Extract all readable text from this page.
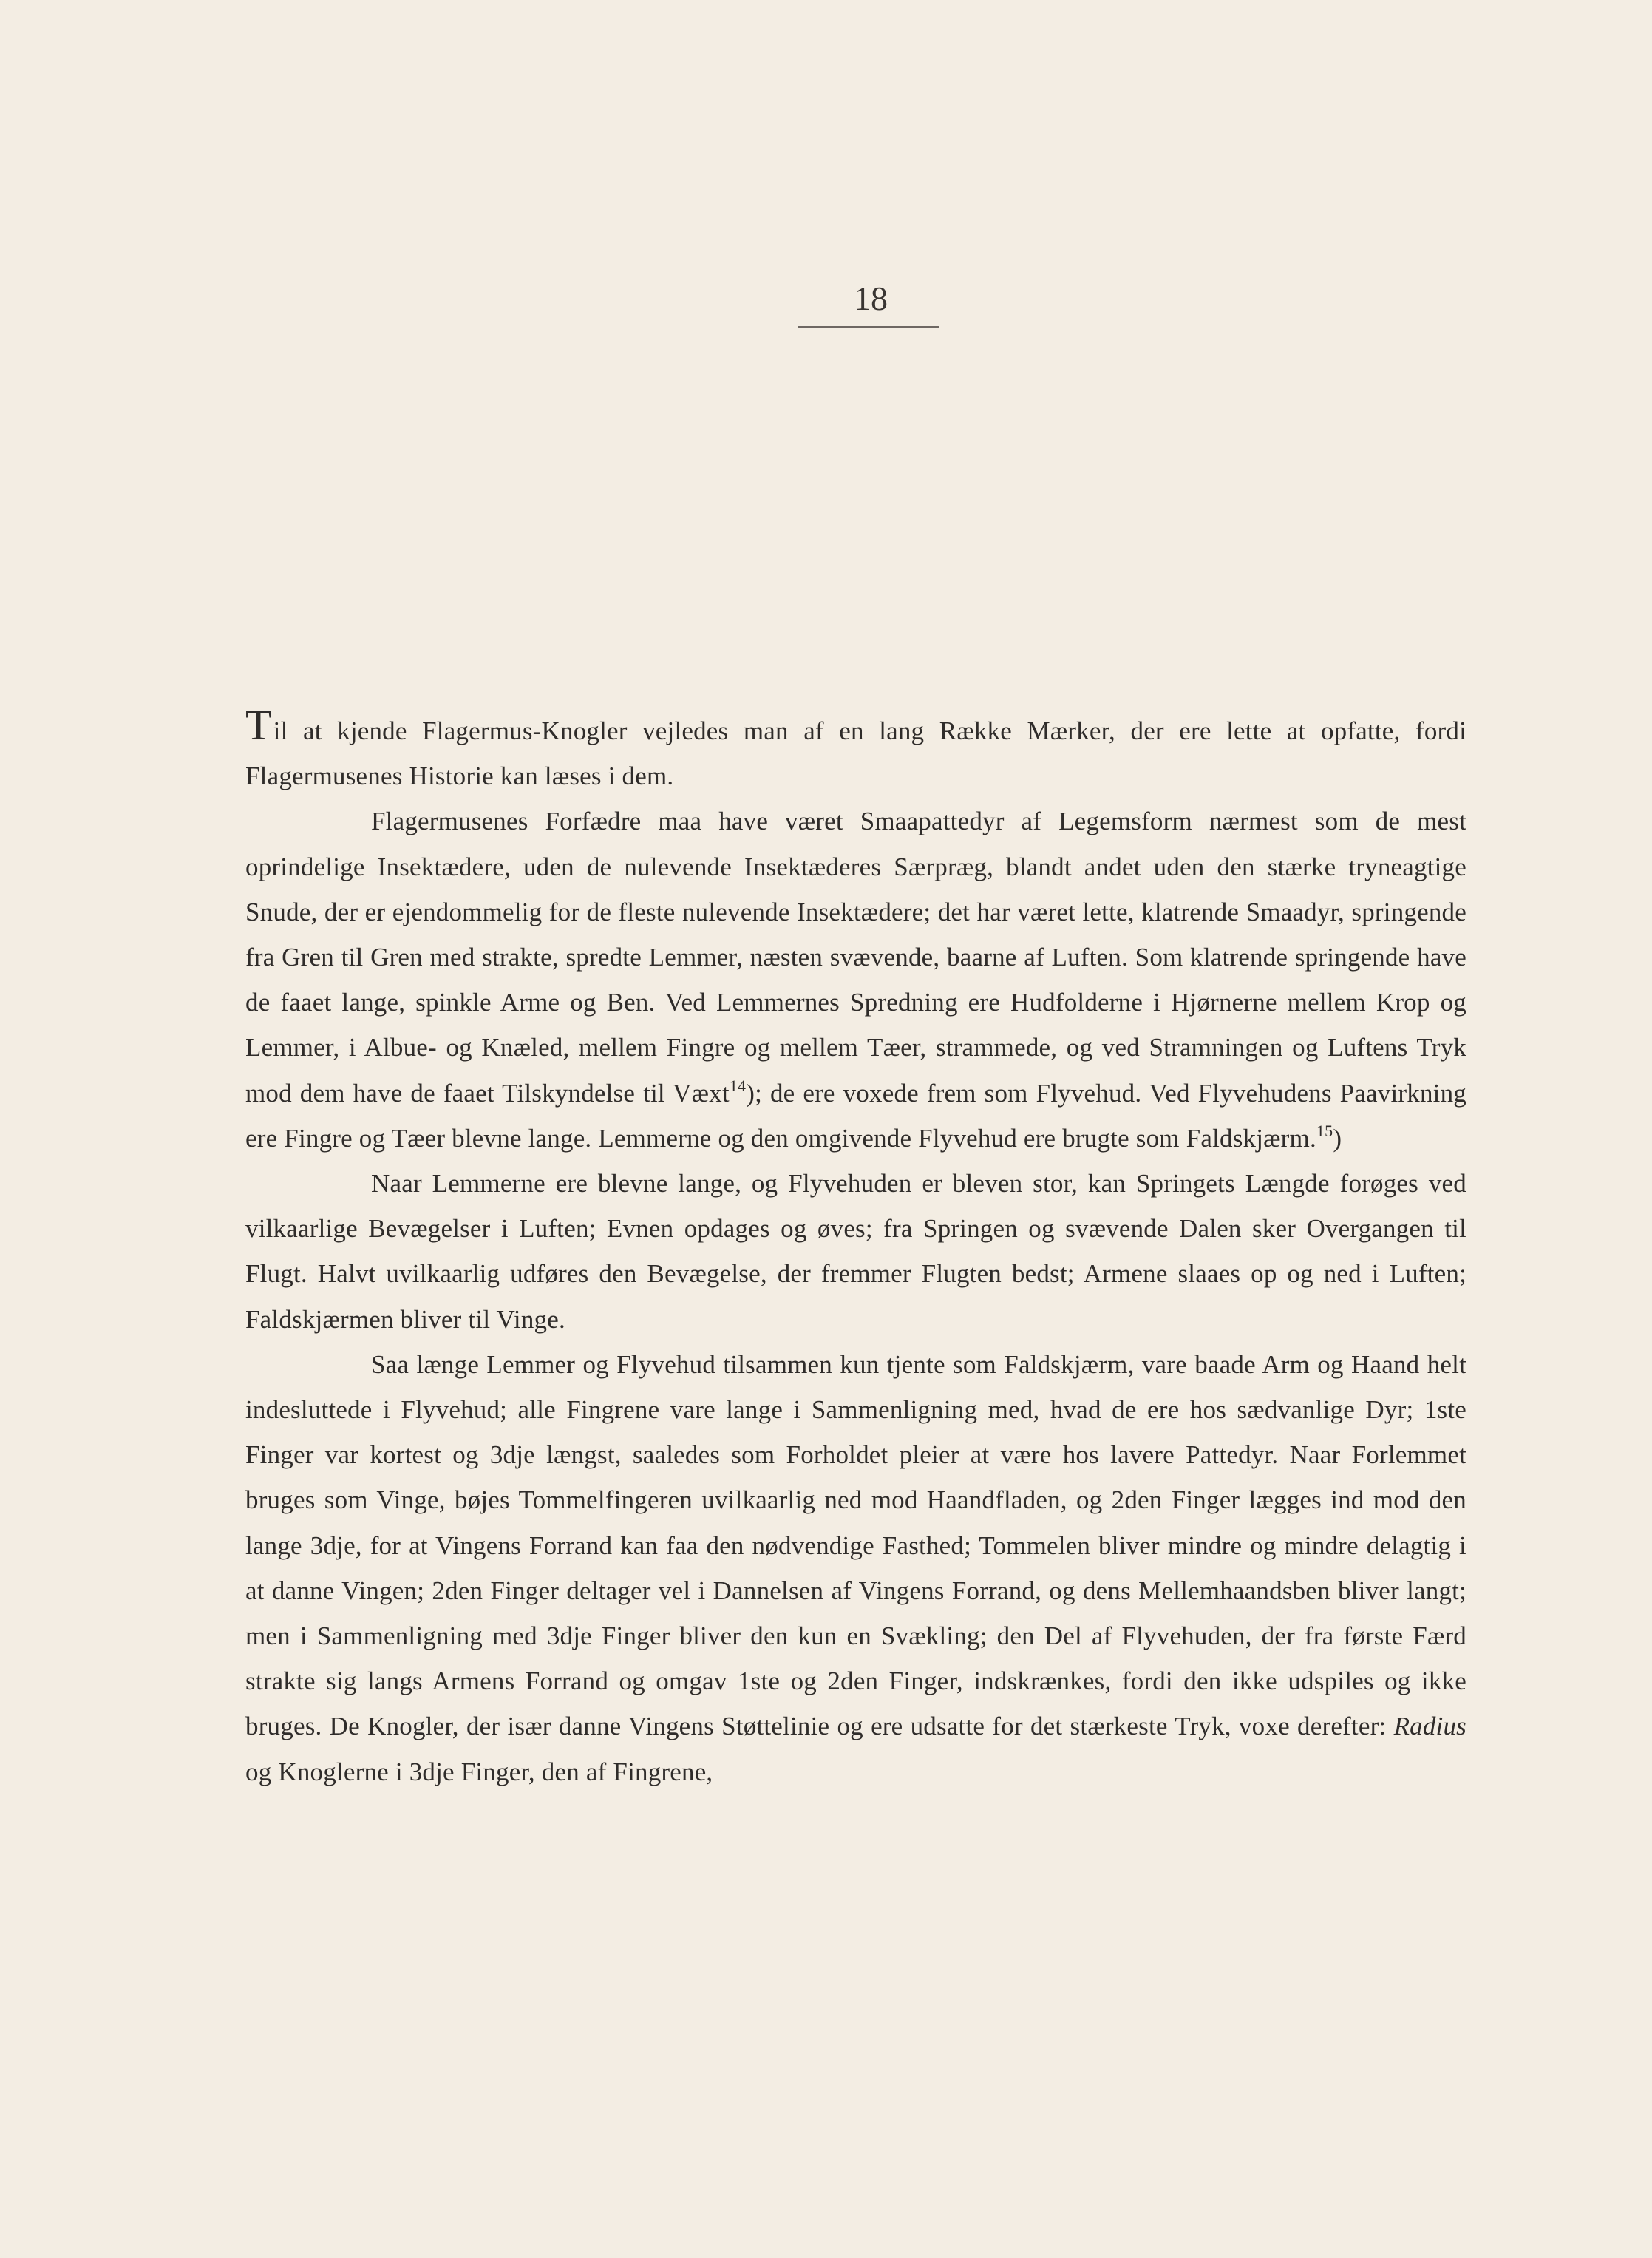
18

Til at kjende Flagermus-Knogler vejledes man af en lang Række Mærker, der ere lette at opfatte, fordi Flagermusenes Historie kan læses i dem.

Flagermusenes Forfædre maa have været Smaapattedyr af Legemsform nærmest som de mest oprindelige Insektædere, uden de nulevende Insektæderes Særpræg, blandt andet uden den stærke tryneagtige Snude, der er ejendommelig for de fleste nulevende Insektædere; det har været lette, klatrende Smaadyr, springende fra Gren til Gren med strakte, spredte Lemmer, næsten svævende, baarne af Luften. Som klatrende springende have de faaet lange, spinkle Arme og Ben. Ved Lemmernes Spredning ere Hudfolderne i Hjørnerne mellem Krop og Lemmer, i Albue- og Knæled, mellem Fingre og mellem Tæer, strammede, og ved Stramningen og Luftens Tryk mod dem have de faaet Tilskyndelse til Væxt$^{14}$); de ere voxede frem som Flyvehud. Ved Flyvehudens Paavirkning ere Fingre og Tæer blevne lange. Lemmerne og den omgivende Flyvehud ere brugte som Faldskjærm.$^{15}$)

Naar Lemmerne ere blevne lange, og Flyvehuden er bleven stor, kan Springets Længde forøges ved vilkaarlige Bevægelser i Luften; Evnen opdages og øves; fra Springen og svævende Dalen sker Overgangen til Flugt. Halvt uvilkaarlig udføres den Bevægelse, der fremmer Flugten bedst; Armene slaaes op og ned i Luften; Faldskjærmen bliver til Vinge.

Saa længe Lemmer og Flyvehud tilsammen kun tjente som Faldskjærm, vare baade Arm og Haand helt indesluttede i Flyvehud; alle Fingrene vare lange i Sammenligning med, hvad de ere hos sædvanlige Dyr; 1ste Finger var kortest og 3dje længst, saaledes som Forholdet pleier at være hos lavere Pattedyr. Naar Forlemmet bruges som Vinge, bøjes Tommelfingeren uvilkaarlig ned mod Haandfladen, og 2den Finger lægges ind mod den lange 3dje, for at Vingens Forrand kan faa den nødvendige Fasthed; Tommelen bliver mindre og mindre delagtig i at danne Vingen; 2den Finger deltager vel i Dannelsen af Vingens Forrand, og dens Mellemhaandsben bliver langt; men i Sammenligning med 3dje Finger bliver den kun en Svækling; den Del af Flyvehuden, der fra første Færd strakte sig langs Armens Forrand og omgav 1ste og 2den Finger, indskrænkes, fordi den ikke udspiles og ikke bruges. De Knogler, der især danne Vingens Støttelinie og ere udsatte for det stærkeste Tryk, voxe derefter: Radius og Knoglerne i 3dje Finger, den af Fingrene,
